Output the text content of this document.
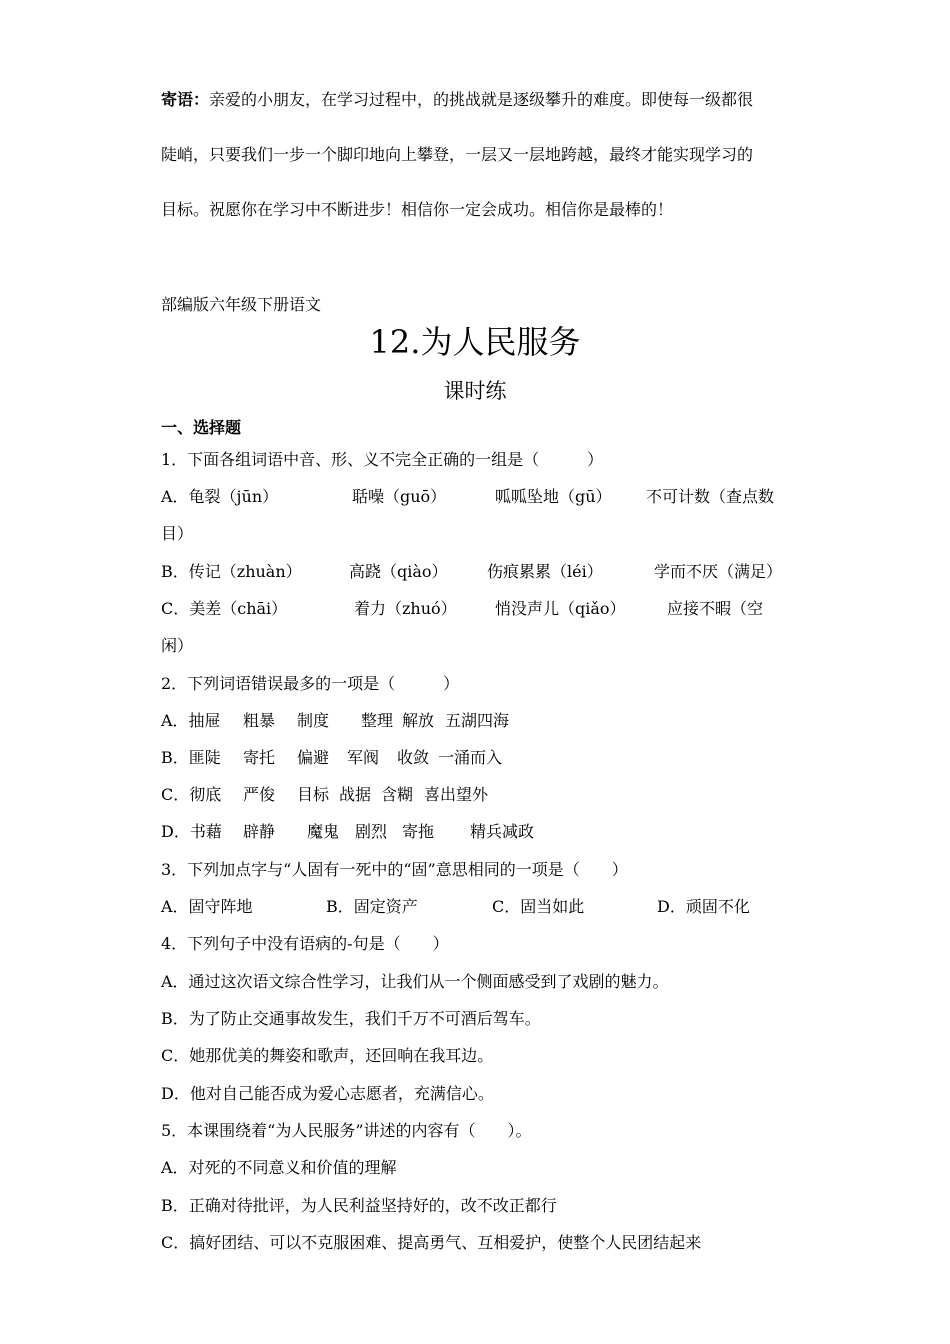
寄语：亲爱的小朋友，在学习过程中，的挑战就是逐级攀升的难度。即使每一级都很
陡峭，只要我们一步一个脚印地向上攀登，一层又一层地跨越，最终才能实现学习的
目标。祝愿你在学习中不断进步！相信你一定会成功。相信你是最棒的！
部编版六年级下册语文
12.为人民服务
课时练
一、选择题
1．下面各组词语中音、形、义不完全正确的一组是（　　　）
A．龟裂（jūn）	聒噪（guō）	呱呱坠地（gū） 不可计数（查点数
目）
B．传记（zhuàn）	高跷（qiào） 伤痕累累（léi）	学而不厌（满足）
C．美差（chāi）	着力（zhuó） 悄没声儿（qiǎo）	应接不暇（空
闲）
2．下列词语错误最多的一项是（　　　）
A．抽屉 粗暴 制度 整理 解放 五湖四海
B．匪陡 寄托 偏避 军阀 收敛 一涌而入
C．彻底 严俊 目标 战据 含糊 喜出望外
D．书藉 辟静 魔鬼 剧烈 寄拖 精兵减政
3．下列加点字与“人固有一死中的“固”意思相同的一项是（　　）
A．固守阵地	B．固定资产	C．固当如此	D．顽固不化
4．下列句子中没有语病的-句是（　　）
A．通过这次语文综合性学习，让我们从一个侧面感受到了戏剧的魅力。
B．为了防止交通事故发生，我们千万不可酒后驾车。
C．她那优美的舞姿和歌声，还回响在我耳边。
D．他对自己能否成为爱心志愿者，充满信心。
5．本课围绕着“为人民服务”讲述的内容有（　　）。
A．对死的不同意义和价值的理解
B．正确对待批评，为人民利益坚持好的，改不改正都行
C．搞好团结、可以不克服困难、提高勇气、互相爱护，使整个人民团结起来
